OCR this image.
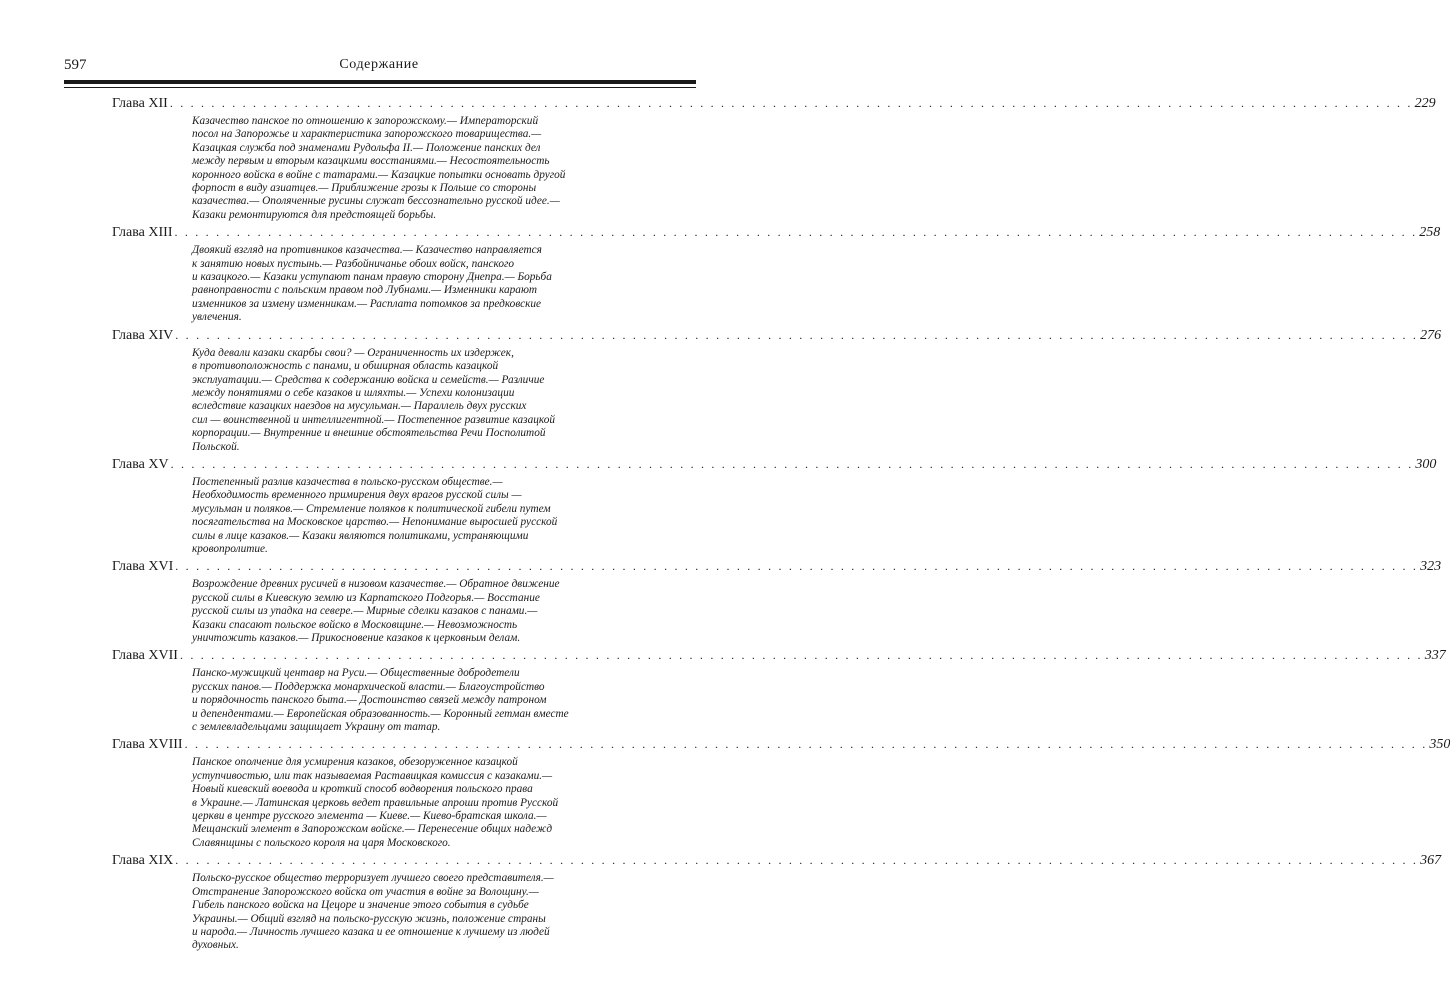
597	Содержание
Глава XII . . . . . . . . . . . . . . . . . . . . . . . . . . . . . . . . . . . . . . . . . . . . . . . . . . . . . . . . . . . . . . . . . . . . . . . . . . . . . . . . . . . . . . . . . . . . . . . . . . . . . . . . . . . . . . . . . . . . . . . . 229
Казачество панское по отношению к запорожскому.— Императорский
посол на Запорожье и характеристика запорожского товарищества.—
Казацкая служба под знаменами Рудольфа II.— Положение панских дел
между первым и вторым казацкими восстаниями.— Несостоятельность
коронного войска в войне с татарами.— Казацкие попытки основать другой
форпост в виду азиатцев.— Приближение грозы к Польше со стороны
казачества.— Ополяченные русины служат бессознательно русской идее.—
Казаки ремонтируются для предстоящей борьбы.
Глава XIII . . . . . . . . . . . . . . . . . . . . . . . . . . . . . . . . . . . . . . . . . . . . . . . . . . . . . . . . . . . . . . . . . . . . . . . . . . . . . . . . . . . . . . . . . . . . . . . . . . . . . . . . . . . . . . . . . . . . . . . . 258
Двоякий взгляд на противников казачества.— Казачество направляется
к занятию новых пустынь.— Разбойничанье обоих войск, панского
и казацкого.— Казаки уступают панам правую сторону Днепра.— Борьба
равноправности с польским правом под Лубнами.— Изменники карают
изменников за измену изменникам.— Расплата потомков за предковские
увлечения.
Глава XIV . . . . . . . . . . . . . . . . . . . . . . . . . . . . . . . . . . . . . . . . . . . . . . . . . . . . . . . . . . . . . . . . . . . . . . . . . . . . . . . . . . . . . . . . . . . . . . . . . . . . . . . . . . . . . . . . . . . . . . . . 276
Куда девали казаки скарбы свои? — Ограниченность их издержек,
в противоположность с панами, и обширная область казацкой
эксплуатации.— Средства к содержанию войска и семейств.— Различие
между понятиями о себе казаков и шляхты.— Успехи колонизации
вследствие казацких наездов на мусульман.— Параллель двух русских
сил — воинственной и интеллигентной.— Постепенное развитие казацкой
корпорации.— Внутренние и внешние обстоятельства Речи Посполитой
Польской.
Глава XV . . . . . . . . . . . . . . . . . . . . . . . . . . . . . . . . . . . . . . . . . . . . . . . . . . . . . . . . . . . . . . . . . . . . . . . . . . . . . . . . . . . . . . . . . . . . . . . . . . . . . . . . . . . . . . . . . . . . . . . . 300
Постепенный разлив казачества в польско-русском обществе.—
Необходимость временного примирения двух врагов русской силы —
мусульман и поляков.— Стремление поляков к политической гибели путем
посягательства на Московское царство.— Непонимание выросшей русской
силы в лице казаков.— Казаки являются политиками, устраняющими
кровопролитие.
Глава XVI . . . . . . . . . . . . . . . . . . . . . . . . . . . . . . . . . . . . . . . . . . . . . . . . . . . . . . . . . . . . . . . . . . . . . . . . . . . . . . . . . . . . . . . . . . . . . . . . . . . . . . . . . . . . . . . . . . . . . . . . 323
Возрождение древних русичей в низовом казачестве.— Обратное движение
русской силы в Киевскую землю из Карпатского Подгорья.— Восстание
русской силы из упадка на севере.— Мирные сделки казаков с панами.—
Казаки спасают польское войско в Московщине.— Невозможность
уничтожить казаков.— Прикосновение казаков к церковным делам.
Глава XVII . . . . . . . . . . . . . . . . . . . . . . . . . . . . . . . . . . . . . . . . . . . . . . . . . . . . . . . . . . . . . . . . . . . . . . . . . . . . . . . . . . . . . . . . . . . . . . . . . . . . . . . . . . . . . . . . . . . . . . . . 337
Панско-мужицкий центавр на Руси.— Общественные добродетели
русских панов.— Поддержка монархической власти.— Благоустройство
и порядочность панского быта.— Достоинство связей между патроном
и депендентами.— Европейская образованность.— Коронный гетман вместе
с землевладельцами защищает Украину от татар.
Глава XVIII . . . . . . . . . . . . . . . . . . . . . . . . . . . . . . . . . . . . . . . . . . . . . . . . . . . . . . . . . . . . . . . . . . . . . . . . . . . . . . . . . . . . . . . . . . . . . . . . . . . . . . . . . . . . . . . . . . . . . . . . 350
Панское ополчение для усмирения казаков, обезоруженное казацкой
уступчивостью, или так называемая Раставицкая комиссия с казаками.—
Новый киевский воевода и кроткий способ водворения польского права
в Украине.— Латинская церковь ведет правильные апроши против Русской
церкви в центре русского элемента — Киеве.— Киево-братская школа.—
Мещанский элемент в Запорожском войске.— Перенесение общих надежд
Славянщины с польского короля на царя Московского.
Глава XIX . . . . . . . . . . . . . . . . . . . . . . . . . . . . . . . . . . . . . . . . . . . . . . . . . . . . . . . . . . . . . . . . . . . . . . . . . . . . . . . . . . . . . . . . . . . . . . . . . . . . . . . . . . . . . . . . . . . . . . . . 367
Польско-русское общество терроризует лучшего своего представителя.—
Отстранение Запорожского войска от участия в войне за Волощину.—
Гибель панского войска на Цецоре и значение этого события в судьбе
Украины.— Общий взгляд на польско-русскую жизнь, положение страны
и народа.— Личность лучшего казака и ее отношение к лучшему из людей
духовных.
